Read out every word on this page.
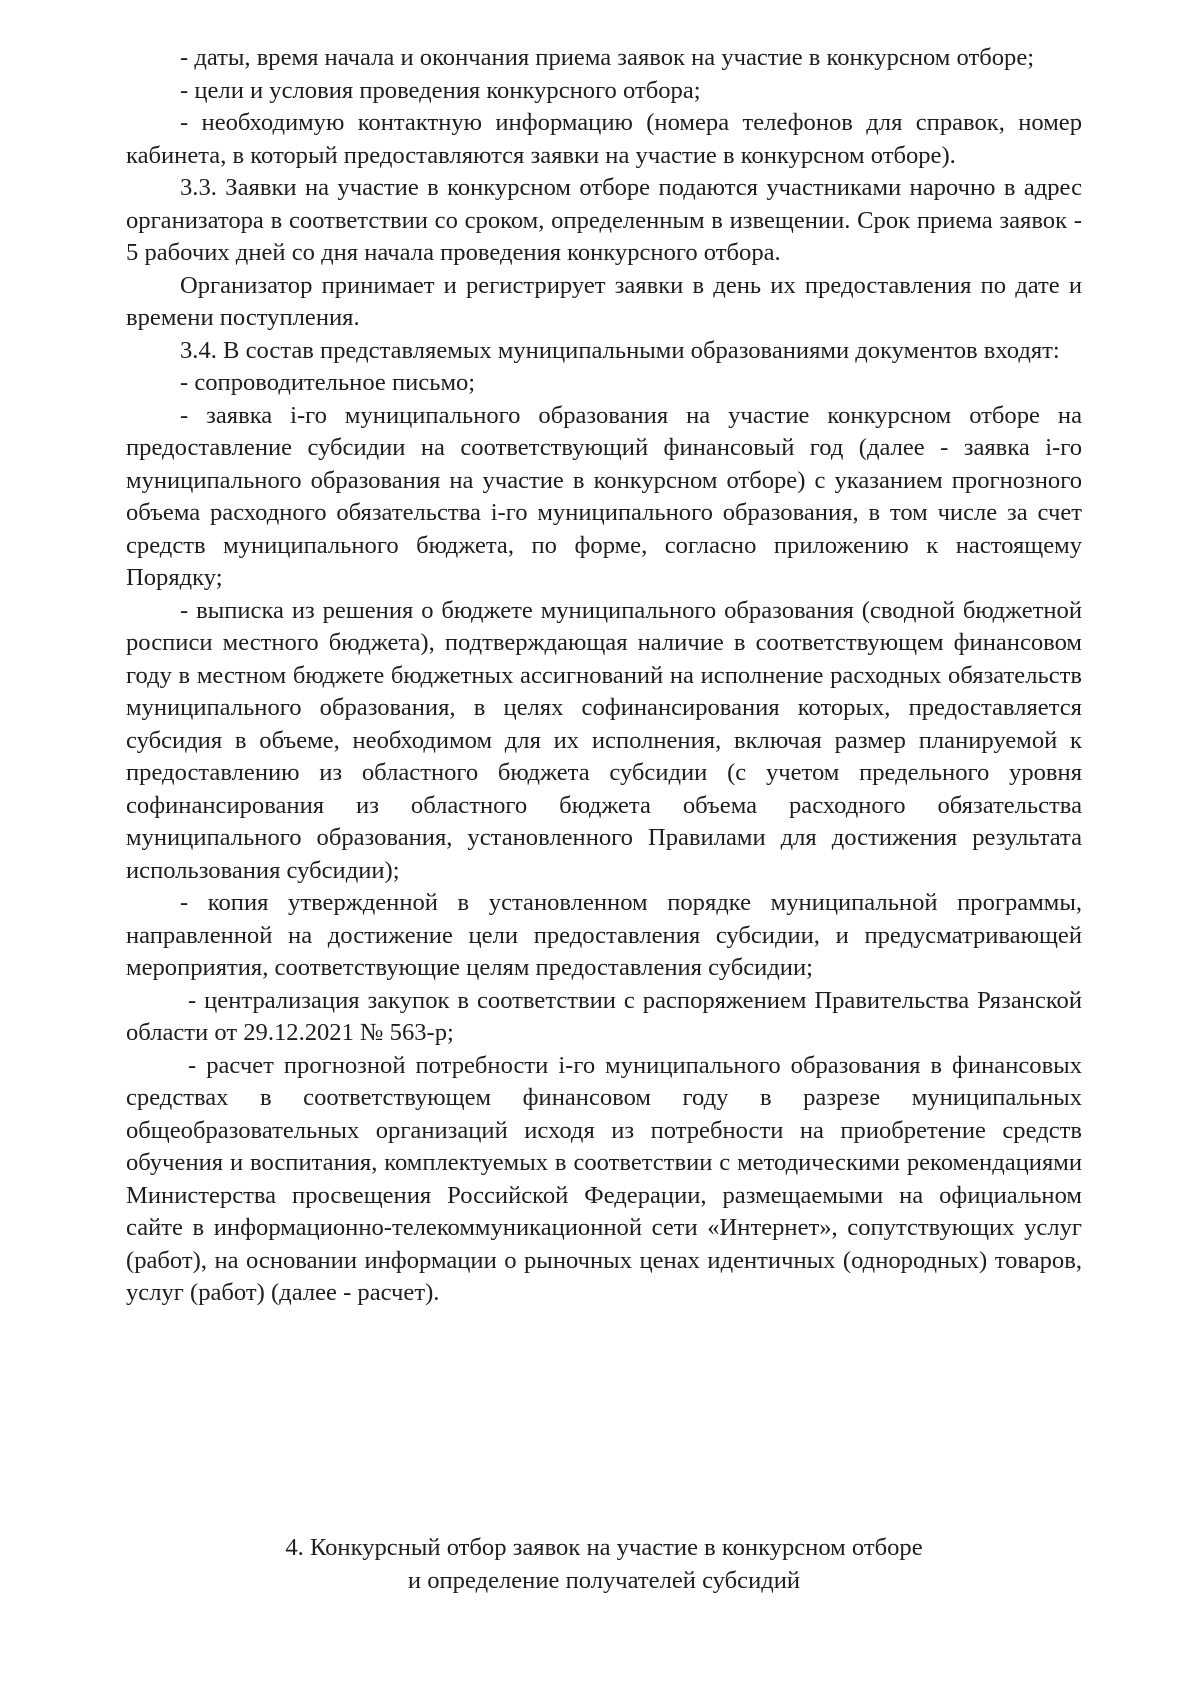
- даты, время начала и окончания приема заявок на участие в конкурсном отборе;

- цели и условия проведения конкурсного отбора;

- необходимую контактную информацию (номера телефонов для справок, номер кабинета, в который предоставляются заявки на участие в конкурсном отборе).

3.3. Заявки на участие в конкурсном отборе подаются участниками нарочно в адрес организатора в соответствии со сроком, определенным в извещении. Срок приема заявок - 5 рабочих дней со дня начала проведения конкурсного отбора.

Организатор принимает и регистрирует заявки в день их предоставления по дате и времени поступления.

3.4. В состав представляемых муниципальными образованиями документов входят:

- сопроводительное письмо;

- заявка i-го муниципального образования на участие конкурсном отборе на предоставление субсидии на соответствующий финансовый год (далее - заявка i-го муниципального образования на участие в конкурсном отборе) с указанием прогнозного объема расходного обязательства i-го муниципального образования, в том числе за счет средств муниципального бюджета, по форме, согласно приложению к настоящему Порядку;

- выписка из решения о бюджете муниципального образования (сводной бюджетной росписи местного бюджета), подтверждающая наличие в соответствующем финансовом году в местном бюджете бюджетных ассигнований на исполнение расходных обязательств муниципального образования, в целях софинансирования которых, предоставляется субсидия в объеме, необходимом для их исполнения, включая размер планируемой к предоставлению из областного бюджета субсидии (с учетом предельного уровня софинансирования из областного бюджета объема расходного обязательства муниципального образования, установленного Правилами для достижения результата использования субсидии);

- копия утвержденной в установленном порядке муниципальной программы, направленной на достижение цели предоставления субсидии, и предусматривающей мероприятия, соответствующие целям предоставления субсидии;

- централизация закупок в соответствии с распоряжением Правительства Рязанской области от 29.12.2021 № 563-р;

- расчет прогнозной потребности i-го муниципального образования в финансовых средствах в соответствующем финансовом году в разрезе муниципальных общеобразовательных организаций исходя из потребности на приобретение средств обучения и воспитания, комплектуемых в соответствии с методическими рекомендациями Министерства просвещения Российской Федерации, размещаемыми на официальном сайте в информационно-телекоммуникационной сети «Интернет», сопутствующих услуг (работ), на основании информации о рыночных ценах идентичных (однородных) товаров, услуг (работ) (далее - расчет).

4. Конкурсный отбор заявок на участие в конкурсном отборе
и определение получателей субсидий
